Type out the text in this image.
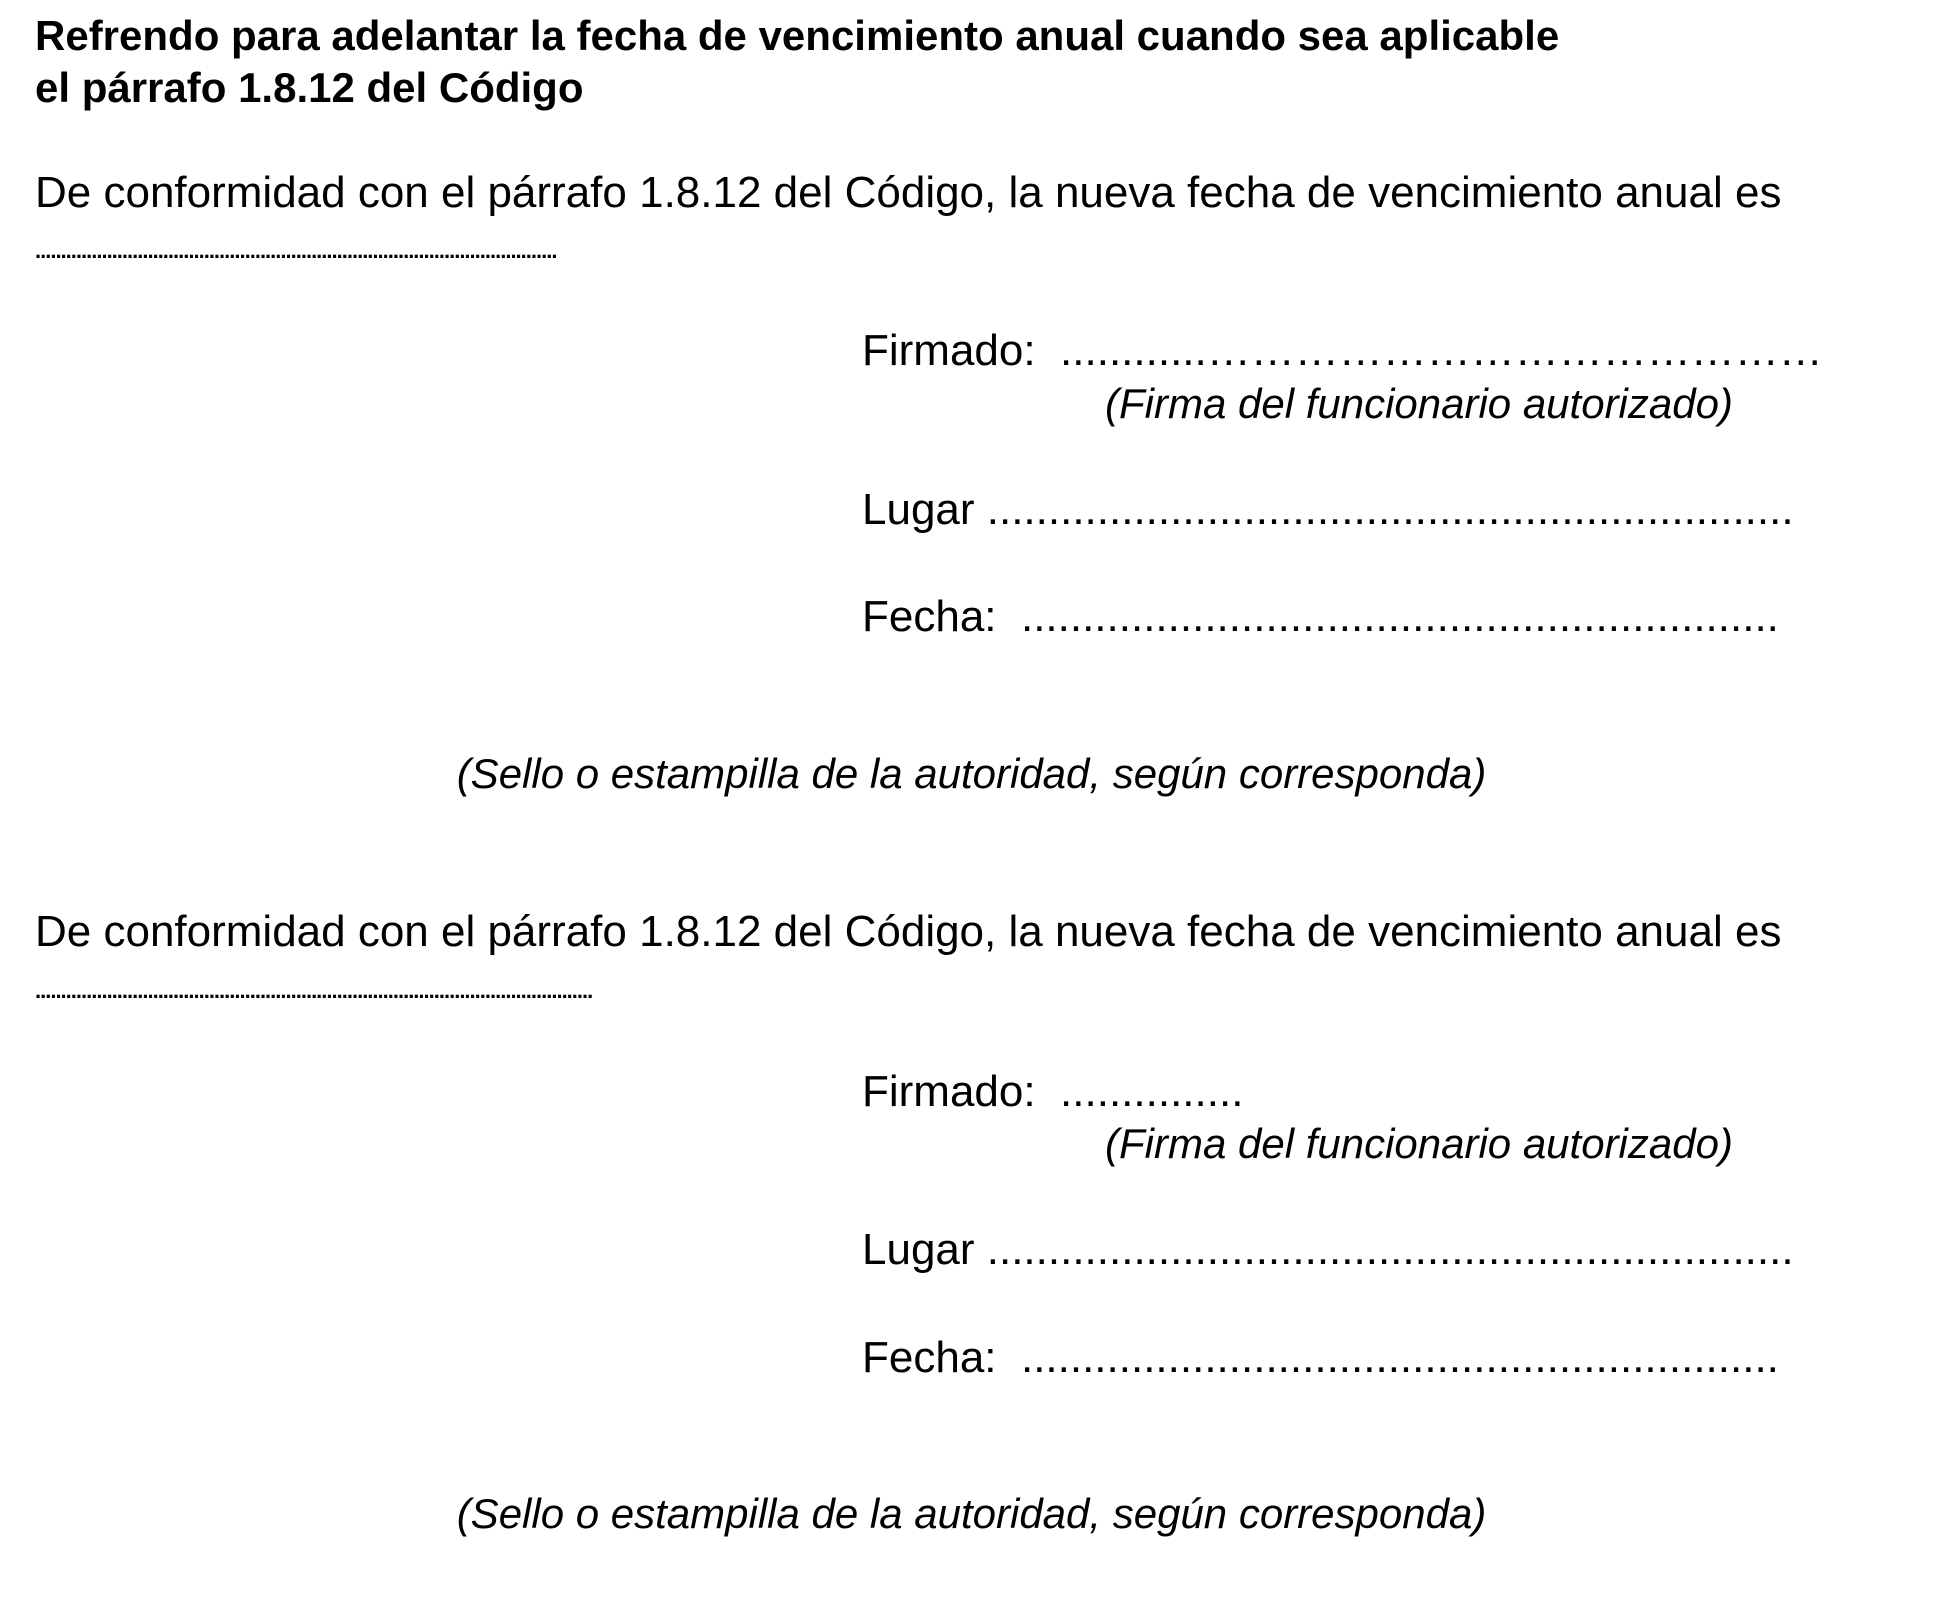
Refrendo para adelantar la fecha de vencimiento anual cuando sea aplicable
el párrafo 1.8.12 del Código
De conformidad con el párrafo 1.8.12 del Código, la nueva fecha de vencimiento anual es
......................................................................................................
Firmado:  ............……………………………………
(Firma del funcionario autorizado)
Lugar ..................................................................
Fecha:  ..............................................................
(Sello o estampilla de la autoridad, según corresponda)
De conformidad con el párrafo 1.8.12 del Código, la nueva fecha de vencimiento anual es
.............................................................................................................
Firmado:  ...............
(Firma del funcionario autorizado)
Lugar ..................................................................
Fecha:  ..............................................................
(Sello o estampilla de la autoridad, según corresponda)
